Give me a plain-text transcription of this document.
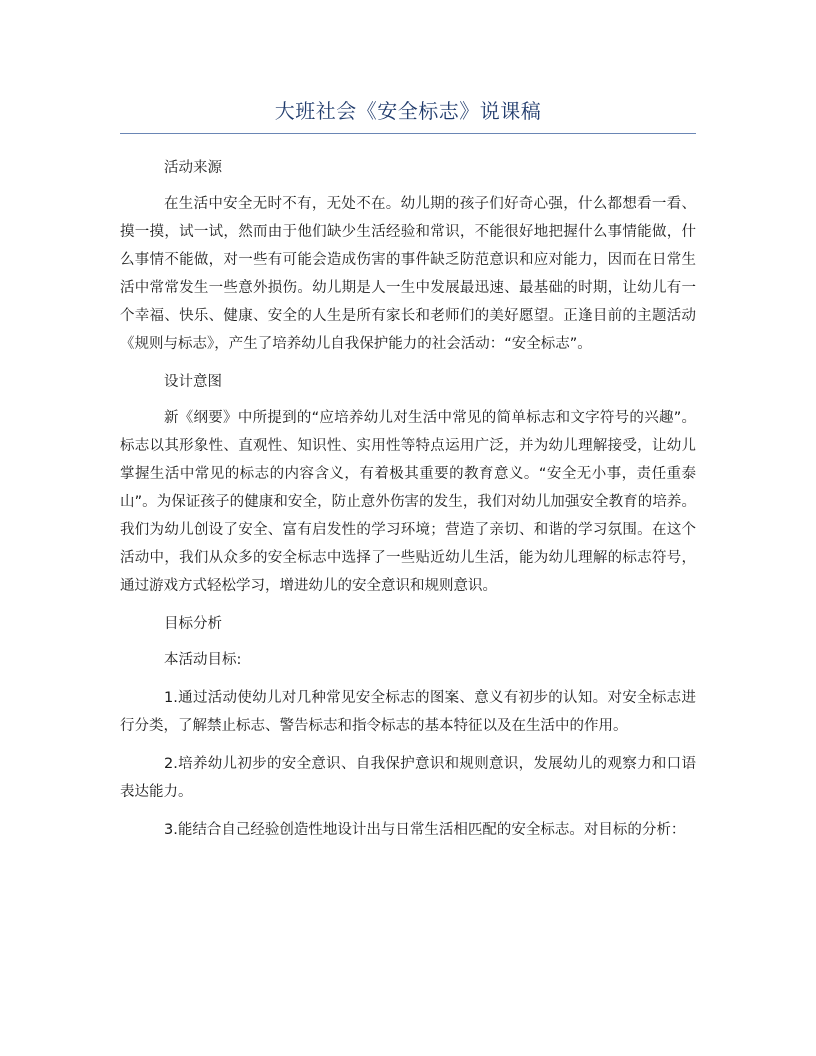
大班社会《安全标志》说课稿

活动来源

在生活中安全无时不有，无处不在。幼儿期的孩子们好奇心强，什么都想看一看、摸一摸，试一试，然而由于他们缺少生活经验和常识，不能很好地把握什么事情能做，什么事情不能做，对一些有可能会造成伤害的事件缺乏防范意识和应对能力，因而在日常生活中常常发生一些意外损伤。幼儿期是人一生中发展最迅速、最基础的时期，让幼儿有一个幸福、快乐、健康、安全的人生是所有家长和老师们的美好愿望。正逢目前的主题活动《规则与标志》，产生了培养幼儿自我保护能力的社会活动：“安全标志”。

设计意图

新《纲要》中所提到的“应培养幼儿对生活中常见的简单标志和文字符号的兴趣”。标志以其形象性、直观性、知识性、实用性等特点运用广泛，并为幼儿理解接受，让幼儿掌握生活中常见的标志的内容含义，有着极其重要的教育意义。“安全无小事，责任重泰山”。为保证孩子的健康和安全，防止意外伤害的发生，我们对幼儿加强安全教育的培养。我们为幼儿创设了安全、富有启发性的学习环境；营造了亲切、和谐的学习氛围。在这个活动中，我们从众多的安全标志中选择了一些贴近幼儿生活，能为幼儿理解的标志符号，通过游戏方式轻松学习，增进幼儿的安全意识和规则意识。

目标分析

本活动目标:

1.通过活动使幼儿对几种常见安全标志的图案、意义有初步的认知。对安全标志进行分类，了解禁止标志、警告标志和指令标志的基本特征以及在生活中的作用。

2.培养幼儿初步的安全意识、自我保护意识和规则意识，发展幼儿的观察力和口语表达能力。

3.能结合自己经验创造性地设计出与日常生活相匹配的安全标志。对目标的分析：
